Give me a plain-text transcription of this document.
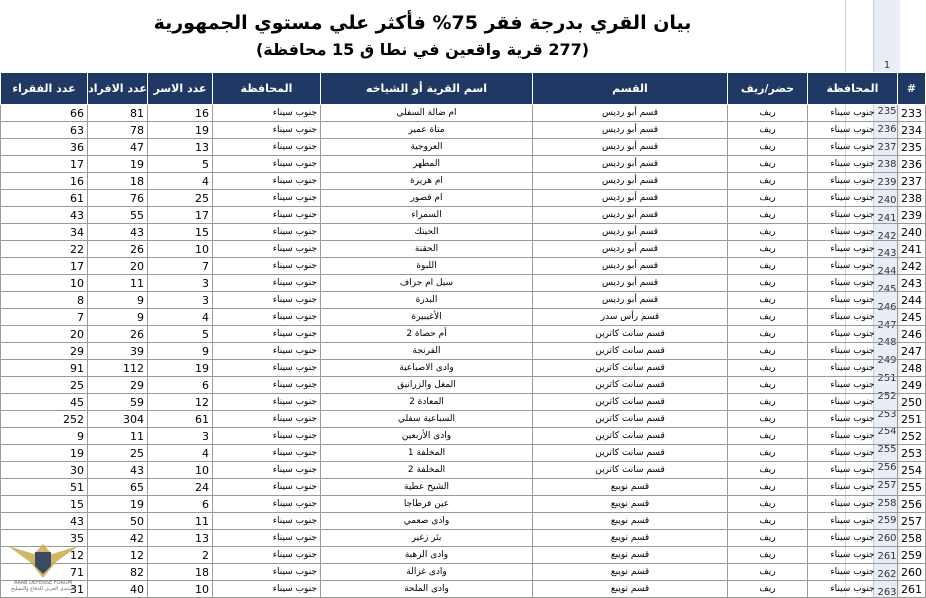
بيان القري بدرجة فقر 75% فأكثر علي مستوي الجمهورية
(277 قرية واقعين في نطا ق 15 محافظة)
1
235
236
237
238
239
240
241
242
243
244
245
246
247
248
249
251
252
253
254
255
256
257
258
259
260
261
262
263
عدد الفقراء	عدد الافراد	عدد الاسر	المحافظة	اسم القرية أو الشياخه	القسم	حضر/ريف	المحافظة	#
66	81	16	جنوب سيناء	ام ضالة السفلي	قسم أبو رديس	ريف	جنوب سيناء	233
63	78	19	جنوب سيناء	متاة عمير	قسم أبو رديس	ريف	جنوب سيناء	234
36	47	13	جنوب سيناء	العروجية	قسم أبو رديس	ريف	جنوب سيناء	235
17	19	5	جنوب سيناء	المطهر	قسم أبو رديس	ريف	جنوب سيناء	236
16	18	4	جنوب سيناء	ام هريرة	قسم أبو رديس	ريف	جنوب سيناء	237
61	76	25	جنوب سيناء	ام قصور	قسم أبو رديس	ريف	جنوب سيناء	238
43	55	17	جنوب سيناء	السمراء	قسم أبو رديس	ريف	جنوب سيناء	239
34	43	15	جنوب سيناء	الحيتك	قسم أبو رديس	ريف	جنوب سيناء	240
22	26	10	جنوب سيناء	الحقنة	قسم أبو رديس	ريف	جنوب سيناء	241
17	20	7	جنوب سيناء	اللبوة	قسم أبو رديس	ريف	جنوب سيناء	242
10	11	3	جنوب سيناء	سيل ام جراف	قسم أبو رديس	ريف	جنوب سيناء	243
8	9	3	جنوب سيناء	البدرة	قسم أبو رديس	ريف	جنوب سيناء	244
7	9	4	جنوب سيناء	الأغيبيرة	قسم رأس سدر	ريف	جنوب سيناء	245
20	26	5	جنوب سيناء	أم حصاة 2	قسم سانت كاترين	ريف	جنوب سيناء	246
29	39	9	جنوب سيناء	الفرنجة	قسم سانت كاترين	ريف	جنوب سيناء	247
91	112	19	جنوب سيناء	وادى الاصباعية	قسم سانت كاترين	ريف	جنوب سيناء	248
25	29	6	جنوب سيناء	المغل والزرانيق	قسم سانت كاترين	ريف	جنوب سيناء	249
45	59	12	جنوب سيناء	المعادة 2	قسم سانت كاترين	ريف	جنوب سيناء	250
252	304	61	جنوب سيناء	السباعية سفلي	قسم سانت كاترين	ريف	جنوب سيناء	251
9	11	3	جنوب سيناء	وادى الأربعين	قسم سانت كاترين	ريف	جنوب سيناء	252
19	25	4	جنوب سيناء	المخلفة 1	قسم سانت كاترين	ريف	جنوب سيناء	253
30	43	10	جنوب سيناء	المخلفة 2	قسم سانت كاترين	ريف	جنوب سيناء	254
51	65	24	جنوب سيناء	الشيخ عطية	قسم نويبع	ريف	جنوب سيناء	255
15	19	6	جنوب سيناء	عين فرطاجا	قسم نويبع	ريف	جنوب سيناء	256
43	50	11	جنوب سيناء	وادى صعمي	قسم نويبع	ريف	جنوب سيناء	257
35	42	13	جنوب سيناء	بئر زغير	قسم نويبع	ريف	جنوب سيناء	258
12	12	2	جنوب سيناء	وادى الرهبة	قسم نويبع	ريف	جنوب سيناء	259
71	82	18	جنوب سيناء	وادى غزالة	قسم نويبع	ريف	جنوب سيناء	260
31	40	10	جنوب سيناء	وادى الملحة	قسم نويبع	ريف	جنوب سيناء	261
ARAB DEFENSE FORUM
المنتدى العربي للدفاع والتسليح
